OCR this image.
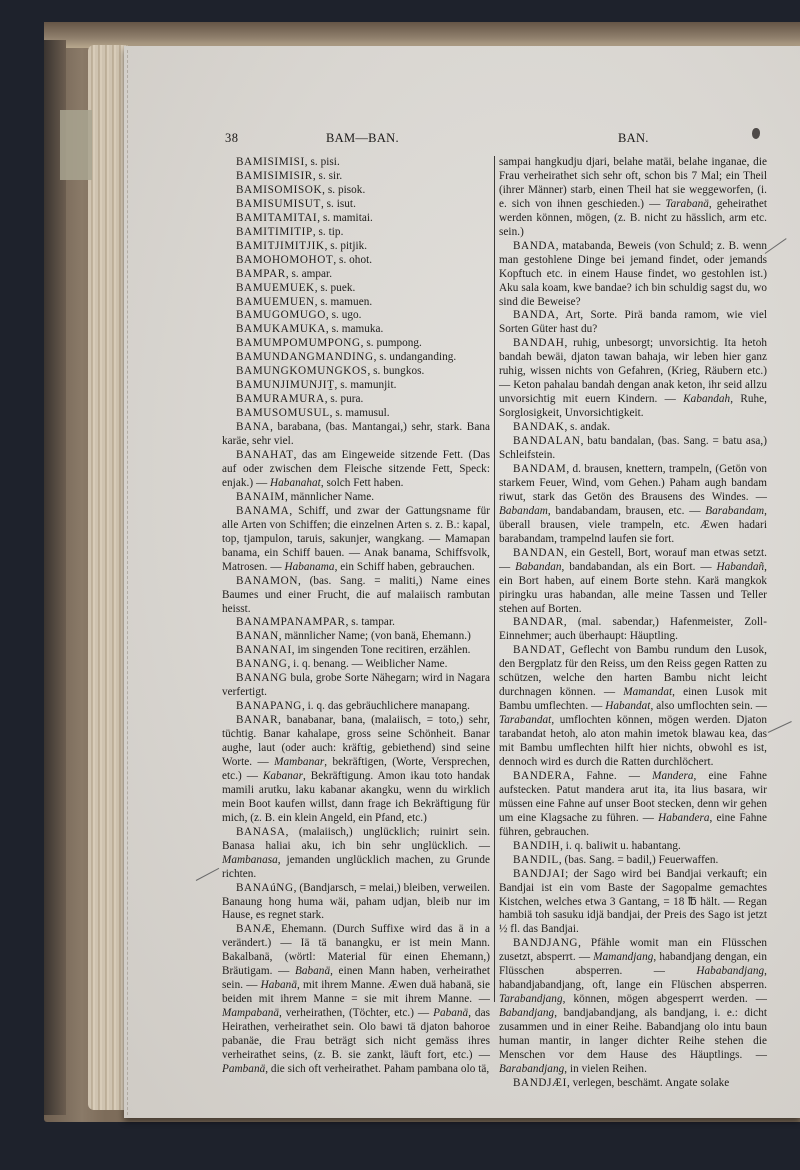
38	BAM—BAN.	BAN.

BAMISIMISI, s. pisi.

BAMISIMISIR, s. sir.

BAMISOMISOK, s. pisok.

BAMISUMISUT, s. isut.

BAMITAMITAI, s. mamitai.

BAMITIMITIP, s. tip.

BAMITJIMITJIK, s. pitjik.

BAMOHOMOHOT, s. ohot.

BAMPAR, s. ampar.

BAMUEMUEK, s. puek.

BAMUEMUEN, s. mamuen.

BAMUGOMUGO, s. ugo.

BAMUKAMUKA, s. mamuka.

BAMUMPOMUMPONG, s. pumpong.

BAMUNDANGMANDING, s. undanganding.

BAMUNGKOMUNGKOS, s. bungkos.

BAMUNJIMUNJIṮ, s. mamunjit.

BAMURAMURA, s. pura.

BAMUSOMUSUL, s. mamusul.

BANA, barabana, (bas. Mantangai,) sehr, stark. Bana karäe, sehr viel.

BANAHAT, das am Eingeweide sitzende Fett. (Das auf oder zwischen dem Fleische sitzende Fett, Speck: enjak.) — Habanahat, solch Fett haben.

BANAIM, männlicher Name.

BANAMA, Schiff, und zwar der Gattungsname für alle Arten von Schiffen; die einzelnen Arten s. z. B.: kapal, top, tjampulon, taruis, sakunjer, wangkang. — Mamapan banama, ein Schiff bauen. — Anak banama, Schiffsvolk, Matrosen. — Habanama, ein Schiff haben, gebrauchen.

BANAMON, (bas. Sang. = maliti,) Name eines Baumes und einer Frucht, die auf malaiisch rambutan heisst.

BANAMPANAMPAR, s. tampar.

BANAN, männlicher Name; (von banä, Ehemann.)

BANANAI, im singenden Tone recitiren, erzählen.

BANANG, i. q. benang. — Weiblicher Name.

BANANG bula, grobe Sorte Nähegarn; wird in Nagara verfertigt.

BANAPANG, i. q. das gebräuchlichere manapang.

BANAR, banabanar, bana, (malaiisch, = toto,) sehr, tüchtig. Banar kahalape, gross seine Schönheit. Banar aughe, laut (oder auch: kräftig, gebiethend) sind seine Worte. — Mambanar, bekräftigen, (Worte, Versprechen, etc.) — Kabanar, Bekräftigung. Amon ikau toto handak mamili arutku, laku kabanar akangku, wenn du wirklich mein Boot kaufen willst, dann frage ich Bekräftigung für mich, (z. B. ein klein Angeld, ein Pfand, etc.)

BANASA, (malaiisch,) unglücklich; ruinirt sein. Banasa haliai aku, ich bin sehr unglücklich. — Mambanasa, jemanden unglücklich machen, zu Grunde richten.

BANAúNG, (Bandjarsch, = melai,) bleiben, verweilen. Banaung hong huma wäi, paham udjan, bleib nur im Hause, es regnet stark.

BANÆ, Ehemann. (Durch Suffixe wird das ä in a verändert.) — Iä tä banangku, er ist mein Mann. Bakalbanä, (wörtl: Material für einen Ehemann,) Bräutigam. — Babanä, einen Mann haben, verheirathet sein. — Habanä, mit ihrem Manne. Æwen duä habanä, sie beiden mit ihrem Manne = sie mit ihrem Manne. — Mampabanä, verheirathen, (Töchter, etc.) — Pabanä, das Heirathen, verheirathet sein. Olo bawi tä djaton bahoroe pabanäe, die Frau beträgt sich nicht gemäss ihres verheirathet seins, (z. B. sie zankt, läuft fort, etc.) — Pambanä, die sich oft verheirathet. Paham pambana olo tä,

sampai hangkudju djari, belahe matäi, belahe inganae, die Frau verheirathet sich sehr oft, schon bis 7 Mal; ein Theil (ihrer Männer) starb, einen Theil hat sie weggeworfen, (i. e. sich von ihnen geschieden.) — Tarabanä, geheirathet werden können, mögen, (z. B. nicht zu hässlich, arm etc. sein.)

BANDA, matabanda, Beweis (von Schuld; z. B. wenn man gestohlene Dinge bei jemand findet, oder jemands Kopftuch etc. in einem Hause findet, wo gestohlen ist.) Aku sala koam, kwe bandae? ich bin schuldig sagst du, wo sind die Beweise?

BANDA, Art, Sorte. Pirä banda ramom, wie viel Sorten Güter hast du?

BANDAH, ruhig, unbesorgt; unvorsichtig. Ita hetoh bandah bewäi, djaton tawan bahaja, wir leben hier ganz ruhig, wissen nichts von Gefahren, (Krieg, Räubern etc.) — Keton pahalau bandah dengan anak keton, ihr seid allzu unvorsichtig mit euern Kindern. — Kabandah, Ruhe, Sorglosigkeit, Unvorsichtigkeit.

BANDAK, s. andak.

BANDALAN, batu bandalan, (bas. Sang. = batu asa,) Schleifstein.

BANDAM, d. brausen, knettern, trampeln, (Getön von starkem Feuer, Wind, vom Gehen.) Paham augh bandam riwut, stark das Getön des Brausens des Windes. — Babandam, bandabandam, brausen, etc. — Barabandam, überall brausen, viele trampeln, etc. Æwen hadari barabandam, trampelnd laufen sie fort.

BANDAN, ein Gestell, Bort, worauf man etwas setzt. — Babandan, bandabandan, als ein Bort. — Habandañ, ein Bort haben, auf einem Borte stehn. Karä mangkok piringku uras habandan, alle meine Tassen und Teller stehen auf Borten.

BANDAR, (mal. sabendar,) Hafenmeister, Zoll-Einnehmer; auch überhaupt: Häuptling.

BANDAT, Geflecht von Bambu rundum den Lusok, den Bergplatz für den Reiss, um den Reiss gegen Ratten zu schützen, welche den harten Bambu nicht leicht durchnagen können. — Mamandat, einen Lusok mit Bambu umflechten. — Habandat, also umflochten sein. — Tarabandat, umflochten können, mögen werden. Djaton tarabandat hetoh, alo aton mahin imetok blawau kea, das mit Bambu umflechten hilft hier nichts, obwohl es ist, dennoch wird es durch die Ratten durchlöchert.

BANDERA, Fahne. — Mandera, eine Fahne aufstecken. Patut mandera arut ita, ita lius basara, wir müssen eine Fahne auf unser Boot stecken, denn wir gehen um eine Klagsache zu führen. — Habandera, eine Fahne führen, gebrauchen.

BANDIH, i. q. baliwit u. habantang.

BANDIL, (bas. Sang. = badil,) Feuerwaffen.

BANDJAI; der Sago wird bei Bandjai verkauft; ein Bandjai ist ein vom Baste der Sagopalme gemachtes Kistchen, welches etwa 3 Gantang, = 18 ℔ hält. — Regan hambiä toh sasuku idjä bandjai, der Preis des Sago ist jetzt ½ fl. das Bandjai.

BANDJANG, Pfähle womit man ein Flüsschen zusetzt, absperrt. — Mamandjang, habandjang dengan, ein Flüsschen absperren. — Hababandjang, habandjabandjang, oft, lange ein Flüschen absperren. Tarabandjang, können, mögen abgesperrt werden. — Babandjang, bandjabandjang, als bandjang, i. e.: dicht zusammen und in einer Reihe. Babandjang olo intu baun human mantir, in langer dichter Reihe stehen die Menschen vor dem Hause des Häuptlings. — Barabandjang, in vielen Reihen.

BANDJÆI, verlegen, beschämt. Angate solake
